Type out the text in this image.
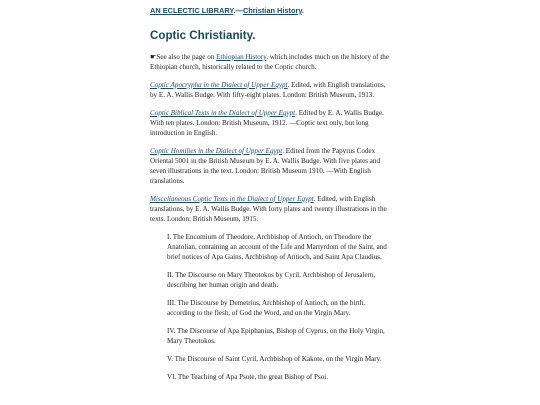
AN ECLECTIC LIBRARY.—Christian History.
Coptic Christianity.

☛See also the page on Ethiopian History, which includes much on the history of the Ethiopian church, historically related to the Coptic church.

Coptic Apocrypha in the Dialect of Upper Egypt. Edited, with English translations, by E. A. Wallis Budge. With fifty-eight plates. London: British Museum, 1913.

Coptic Biblical Texts in the Dialect of Upper Egypt. Edited by E. A. Wallis Budge. With ten plates. London: British Museum, 1912. —Coptic text only, but long introduction in English.

Coptic Homilies in the Dialect of Upper Egypt. Edited from the Papyrus Codex Oriental 5001 in the British Museum by E. A. Wallis Budge. With five plates and seven illustrations in the text. London: British Museum 1910. —With English translations.

Miscellaneous Coptic Texts in the Dialect of Upper Egypt. Edited, with English translations, by E. A. Wallis Budge. With forty plates and twenty illustrations in the texts. London: British Museum, 1915.

I. The Encomium of Theodore, Archbishop of Antioch, on Theodore the Anatolian, containing an account of the Life and Martyrdom of the Saint, and brief notices of Apa Gains, Archbishop of Antioch, and Saint Apa Claudius.
II. The Discourse on Mary Theotokos by Cyril, Archbishop of Jerusalem, describing her human origin and death.
III. The Discourse by Demetrius, Archbishop of Antioch, on the birth, according to the flesh, of God the Word, and on the Virgin Mary.
IV. The Discourse of Apa Epiphanius, Bishop of Cyprus, on the Holy Virgin, Mary Theotokos.
V. The Discourse of Saint Cyril, Archbishop of Kakote, on the Virgin Mary.
VI. The Teaching of Apa Psote, the great Bishop of Psoi.
